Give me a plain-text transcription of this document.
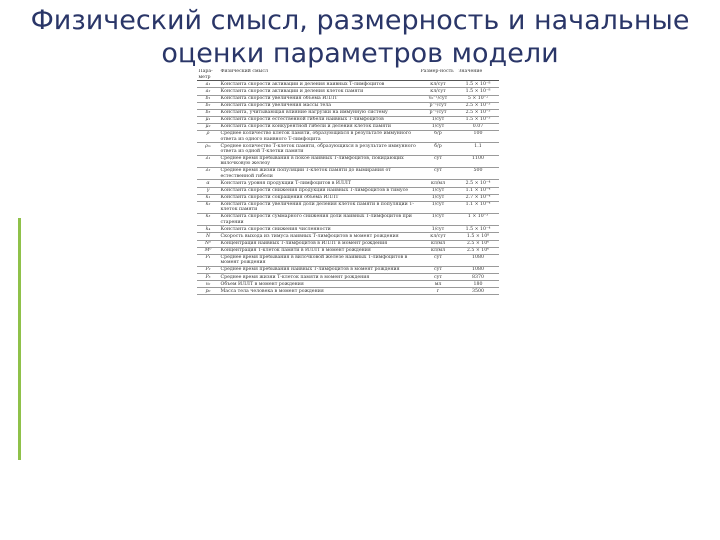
Физический смысл, размерность и начальные
оценки параметров модели
Пара-метр	Физический смысл	Размер-ность	Значение
a₁	Константа скорости активации и деления наивных Т-лимфоцитов	кл/сут	1.5 × 10⁻⁸
a₂	Константа скорости активации и деления клеток памяти	кл/сут	1.5 × 10⁻⁸
b₁	Константа скорости увеличения объема ИЛЛТ	v₀⁻¹/сут	5 × 10⁻²
b₂	Константа скорости увеличения массы тела	p⁻¹/сут	2.5 × 10⁻³
b₃	Константа, учитывающая влияние нагрузки на иммунную систему	p⁻¹/сут	2.5 × 10⁻³
μ₁	Константа скорости естественной гибели наивных Т-лимфоцитов	1/сут	1.5 × 10⁻³
μ₂	Константа скорости конкурентной гибели и деления клеток памяти	1/сут	0.07
ρ	Среднее количество клеток памяти, образующихся в результате иммунного ответа из одного наивного Т-лимфоцита	б/р	100
ρₘ	Среднее количество Т-клеток памяти, образующихся в результате иммунного ответа из одной Т-клетки памяти	б/р	1.1
λ₁	Среднее время пребывания в покое наивных Т-лимфоцитов, покидающих вилочковую железу	сут	1100
λ₂	Среднее время жизни популяции Т-клеток памяти до вымирания от естественной гибели	сут	500
α	Константа уровня продукции Т-лимфоцитов в ИЛЛТ	кл/мл	2.5 × 10⁻⁴
γ	Константа скорости снижения продукции наивных Т-лимфоцитов в тимусе	1/сут	1.1 × 10⁻⁴
k₁	Константа скорости сокращения объема ИЛЛТ	1/сут	2.7 × 10⁻⁴
k₂	Константа скорости увеличения доли деления клеток памяти в популяции Т-клеток памяти	1/сут	1.1 × 10⁻⁴
k₃	Константа скорости суммарного снижения доли наивных Т-лимфоцитов при старении	1/сут	1 × 10⁻³
k₄	Константа скорости снижения численности	1/сут	1.5 × 10⁻⁴
N	Скорость выхода из тимуса наивных Т-лимфоцитов в момент рождения	кл/сут	1.5 × 10⁸
N⁰	Концентрация наивных Т-лимфоцитов в ИЛЛТ в момент рождения	кл/мл	2.5 × 10⁶
M⁰	Концентрация Т-клеток памяти в ИЛЛТ в момент рождения	кл/мл	2.5 × 10⁶
P₁	Среднее время пребывания в вилочковой железе наивных Т-лимфоцитов в момент рождения	сут	1080
P₂	Среднее время пребывания наивных Т-лимфоцитов в момент рождения	сут	1080
P₃	Среднее время жизни Т-клеток памяти в момент рождения	сут	8370
v₀	Объем ИЛЛТ в момент рождения	мл	180
p₀	Масса тела человека в момент рождения	г	3500
